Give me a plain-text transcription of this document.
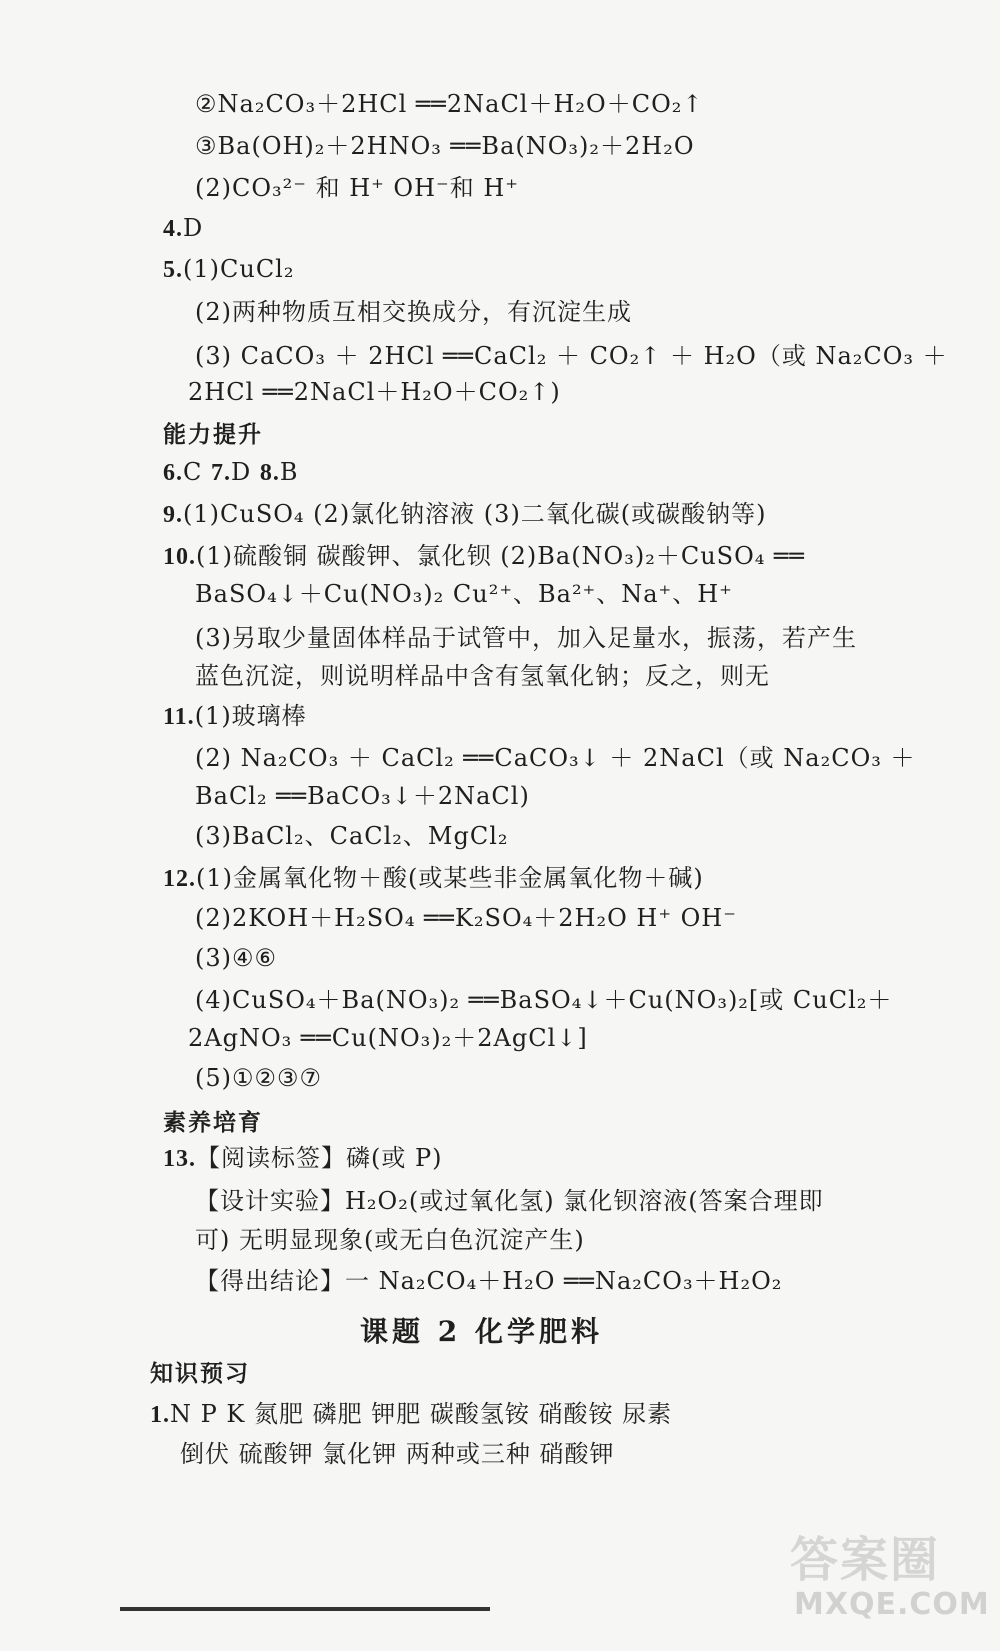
②Na₂CO₃＋2HCl ══2NaCl＋H₂O＋CO₂↑
③Ba(OH)₂＋2HNO₃ ══Ba(NO₃)₂＋2H₂O
(2)CO₃²⁻ 和 H⁺ OH⁻和 H⁺
4.D
5.(1)CuCl₂
(2)两种物质互相交换成分，有沉淀生成
(3) CaCO₃ ＋ 2HCl ══CaCl₂ ＋ CO₂↑ ＋ H₂O（或 Na₂CO₃ ＋
2HCl ══2NaCl＋H₂O＋CO₂↑)
能力提升
6.C 7.D 8.B
9.(1)CuSO₄ (2)氯化钠溶液 (3)二氧化碳(或碳酸钠等)
10.(1)硫酸铜 碳酸钾、氯化钡 (2)Ba(NO₃)₂＋CuSO₄ ══
BaSO₄↓＋Cu(NO₃)₂ Cu²⁺、Ba²⁺、Na⁺、H⁺
(3)另取少量固体样品于试管中，加入足量水，振荡，若产生
蓝色沉淀，则说明样品中含有氢氧化钠；反之，则无
11.(1)玻璃棒
(2) Na₂CO₃ ＋ CaCl₂ ══CaCO₃↓ ＋ 2NaCl（或 Na₂CO₃ ＋
BaCl₂ ══BaCO₃↓＋2NaCl)
(3)BaCl₂、CaCl₂、MgCl₂
12.(1)金属氧化物＋酸(或某些非金属氧化物＋碱)
(2)2KOH＋H₂SO₄ ══K₂SO₄＋2H₂O H⁺ OH⁻
(3)④⑥
(4)CuSO₄＋Ba(NO₃)₂ ══BaSO₄↓＋Cu(NO₃)₂[或 CuCl₂＋
2AgNO₃ ══Cu(NO₃)₂＋2AgCl↓]
(5)①②③⑦
素养培育
13.【阅读标签】磷(或 P)
【设计实验】H₂O₂(或过氧化氢) 氯化钡溶液(答案合理即
可) 无明显现象(或无白色沉淀产生)
【得出结论】一 Na₂CO₄＋H₂O ══Na₂CO₃＋H₂O₂
课题 2 化学肥料
知识预习
1.N P K 氮肥 磷肥 钾肥 碳酸氢铵 硝酸铵 尿素
倒伏 硫酸钾 氯化钾 两种或三种 硝酸钾
答案圈
MXQE.COM
